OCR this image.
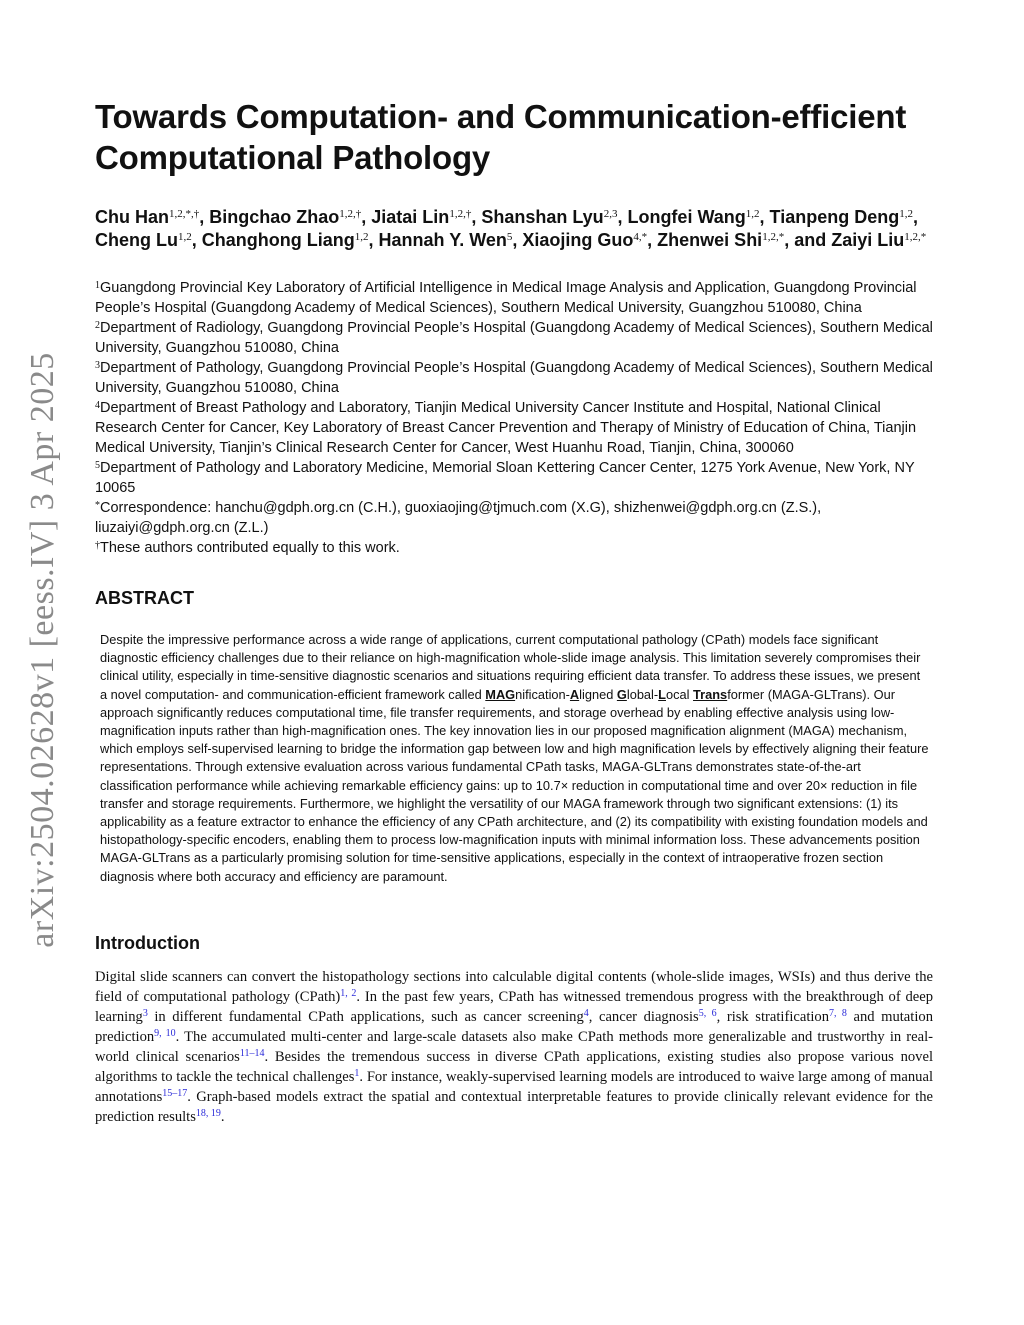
arXiv:2504.02628v1 [eess.IV] 3 Apr 2025
Towards Computation- and Communication-efficient
Computational Pathology
Chu Han$^{1,2,*,\dagger}$, Bingchao Zhao$^{1,2,\dagger}$, Jiatai Lin$^{1,2,\dagger}$, Shanshan Lyu$^{2,3}$, Longfei Wang$^{1,2}$, Tianpeng Deng$^{1,2}$, Cheng Lu$^{1,2}$, Changhong Liang$^{1,2}$, Hannah Y. Wen$^5$, Xiaojing Guo$^{4,*}$, Zhenwei Shi$^{1,2,*}$, and Zaiyi Liu$^{1,2,*}$

$^1$Guangdong Provincial Key Laboratory of Artificial Intelligence in Medical Image Analysis and Application, Guangdong Provincial People’s Hospital (Guangdong Academy of Medical Sciences), Southern Medical University, Guangzhou 510080, China

$^2$Department of Radiology, Guangdong Provincial People’s Hospital (Guangdong Academy of Medical Sciences), Southern Medical University, Guangzhou 510080, China

$^3$Department of Pathology, Guangdong Provincial People’s Hospital (Guangdong Academy of Medical Sciences), Southern Medical University, Guangzhou 510080, China

$^4$Department of Breast Pathology and Laboratory, Tianjin Medical University Cancer Institute and Hospital, National Clinical Research Center for Cancer, Key Laboratory of Breast Cancer Prevention and Therapy of Ministry of Education of China, Tianjin Medical University, Tianjin’s Clinical Research Center for Cancer, West Huanhu Road, Tianjin, China, 300060

$^5$Department of Pathology and Laboratory Medicine, Memorial Sloan Kettering Cancer Center, 1275 York Avenue, New York, NY 10065

*Correspondence: hanchu@gdph.org.cn (C.H.), guoxiaojing@tjmuch.com (X.G), shizhenwei@gdph.org.cn (Z.S.), liuzaiyi@gdph.org.cn (Z.L.)

†These authors contributed equally to this work.

ABSTRACT
Despite the impressive performance across a wide range of applications, current computational pathology (CPath) models face significant diagnostic efficiency challenges due to their reliance on high-magnification whole-slide image analysis. This limitation severely compromises their clinical utility, especially in time-sensitive diagnostic scenarios and situations requiring efficient data transfer. To address these issues, we present a novel computation- and communication-efficient framework called MAGnification-Aligned Global-Local Transformer (MAGA-GLTrans). Our approach significantly reduces computational time, file transfer requirements, and storage overhead by enabling effective analysis using low-magnification inputs rather than high-magnification ones. The key innovation lies in our proposed magnification alignment (MAGA) mechanism, which employs self-supervised learning to bridge the information gap between low and high magnification levels by effectively aligning their feature representations. Through extensive evaluation across various fundamental CPath tasks, MAGA-GLTrans demonstrates state-of-the-art classification performance while achieving remarkable efficiency gains: up to 10.7× reduction in computational time and over 20× reduction in file transfer and storage requirements. Furthermore, we highlight the versatility of our MAGA framework through two significant extensions: (1) its applicability as a feature extractor to enhance the efficiency of any CPath architecture, and (2) its compatibility with existing foundation models and histopathology-specific encoders, enabling them to process low-magnification inputs with minimal information loss. These advancements position MAGA-GLTrans as a particularly promising solution for time-sensitive applications, especially in the context of intraoperative frozen section diagnosis where both accuracy and efficiency are paramount.
Introduction
Digital slide scanners can convert the histopathology sections into calculable digital contents (whole-slide images, WSIs) and thus derive the field of computational pathology (CPath)$^{1, 2}$. In the past few years, CPath has witnessed tremendous progress with the breakthrough of deep learning$^3$ in different fundamental CPath applications, such as cancer screening$^4$, cancer diagnosis$^{5, 6}$, risk stratification$^{7, 8}$ and mutation prediction$^{9, 10}$. The accumulated multi-center and large-scale datasets also make CPath methods more generalizable and trustworthy in real-world clinical scenarios$^{11-14}$. Besides the tremendous success in diverse CPath applications, existing studies also propose various novel algorithms to tackle the technical challenges$^1$. For instance, weakly-supervised learning models are introduced to waive large among of manual annotations$^{15-17}$. Graph-based models extract the spatial and contextual interpretable features to provide clinically relevant evidence for the prediction results$^{18, 19}$.
